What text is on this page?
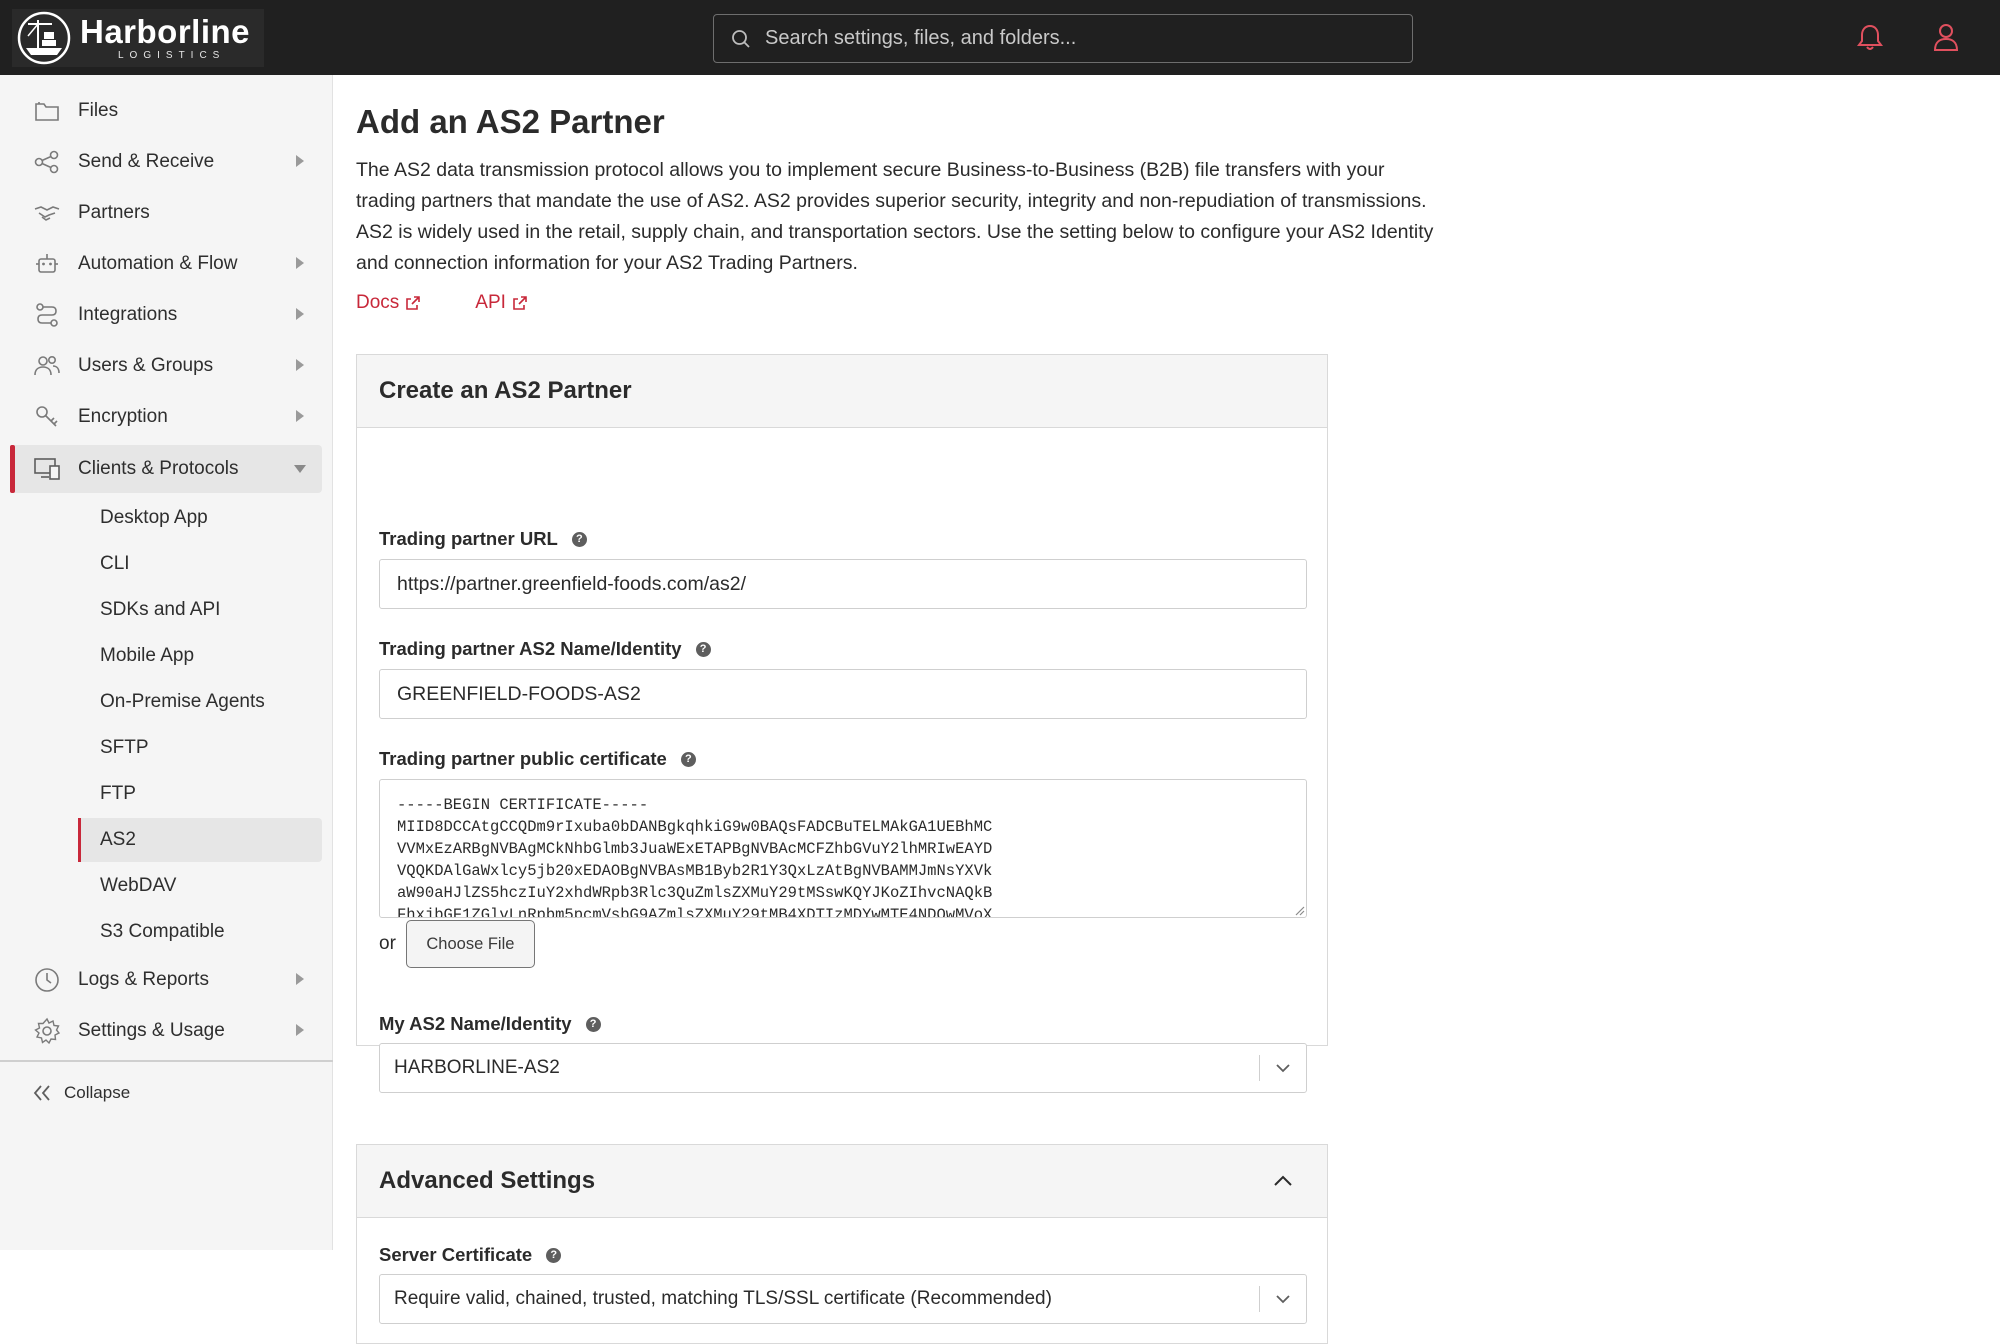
Harborline
LOGISTICS
Search settings, files, and folders...
Files
Send & Receive
Partners
Automation & Flow
Integrations
Users & Groups
Encryption
Clients & Protocols
Desktop App
CLI
SDKs and API
Mobile App
On-Premise Agents
SFTP
FTP
AS2
WebDAV
S3 Compatible
Logs & Reports
Settings & Usage
Collapse
Add an AS2 Partner

The AS2 data transmission protocol allows you to implement secure Business-to-Business (B2B) file transfers with your trading partners that mandate the use of AS2. AS2 provides superior security, integrity and non-repudiation of transmissions. AS2 is widely used in the retail, supply chain, and transportation sectors. Use the setting below to configure your AS2 Identity and connection information for your AS2 Trading Partners.

Docs	API
Create an AS2 Partner
Trading partner URL	?
https://partner.greenfield-foods.com/as2/
Trading partner AS2 Name/Identity	?
GREENFIELD-FOODS-AS2
Trading partner public certificate	?
-----BEGIN CERTIFICATE----- MIID8DCCAtgCCQDm9rIxuba0bDANBgkqhkiG9w0BAQsFADCBuTELMAkGA1UEBhMC VVMxEzARBgNVBAgMCkNhbGlmb3JuaWExETAPBgNVBAcMCFZhbGVuY2lhMRIwEAYD VQQKDAlGaWxlcy5jb20xEDAOBgNVBAsMB1Byb2R1Y3QxLzAtBgNVBAMMJmNsYXVk aW90aHJlZS5hczIuY2xhdWRpb3Rlc3QuZmlsZXMuY29tMSswKQYJKoZIhvcNAQkB FhxjbGF1ZGlvLnRpbm5pcmVsbG9AZmlsZXMuY29tMB4XDTIzMDYwMTE4NDQwMVoX
or	Choose File
My AS2 Name/Identity	?
HARBORLINE-AS2
Advanced Settings
Server Certificate	?
Require valid, chained, trusted, matching TLS/SSL certificate (Recommended)
